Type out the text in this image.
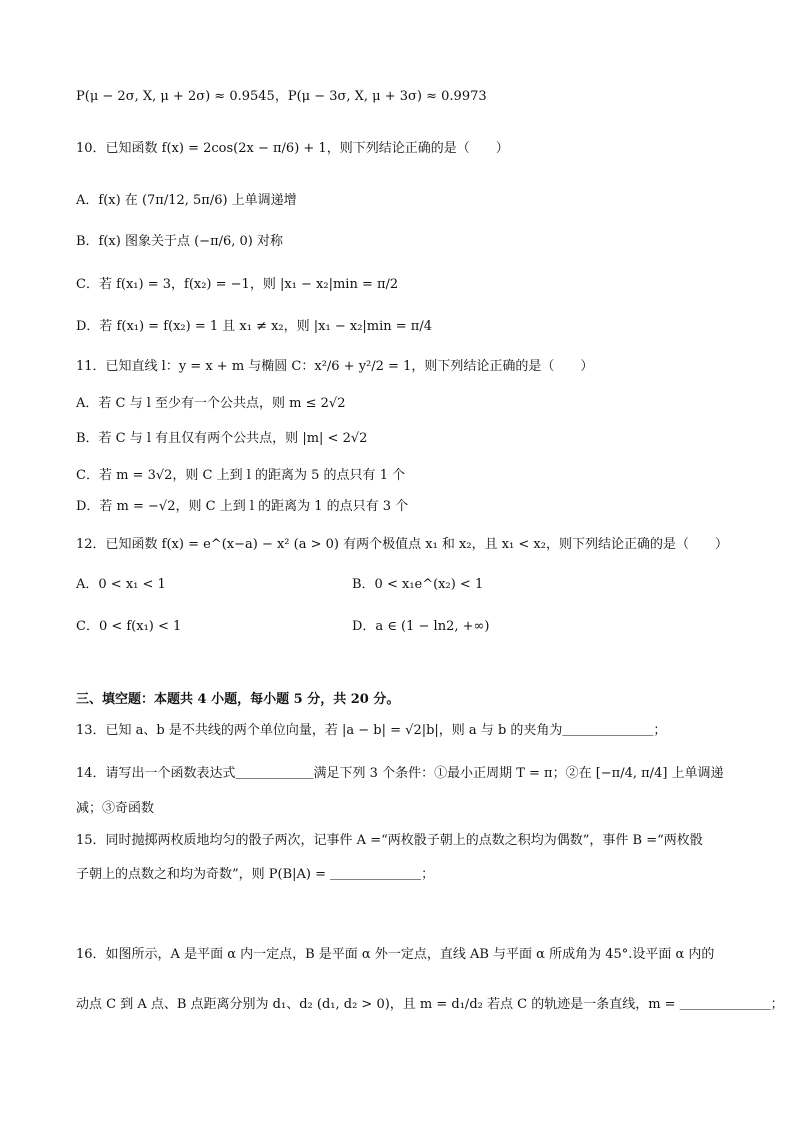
P(μ − 2σ, X, μ + 2σ) ≈ 0.9545，P(μ − 3σ, X, μ + 3σ) ≈ 0.9973
10．已知函数 f(x) = 2cos(2x − π/6) + 1，则下列结论正确的是（　　）
A．f(x) 在 (7π/12, 5π/6) 上单调递增
B．f(x) 图象关于点 (−π/6, 0) 对称
C．若 f(x₁) = 3，f(x₂) = −1，则 |x₁ − x₂|min = π/2
D．若 f(x₁) = f(x₂) = 1 且 x₁ ≠ x₂，则 |x₁ − x₂|min = π/4
11．已知直线 l：y = x + m 与椭圆 C：x²/6 + y²/2 = 1，则下列结论正确的是（　　）
A．若 C 与 l 至少有一个公共点，则 m ≤ 2√2
B．若 C 与 l 有且仅有两个公共点，则 |m| < 2√2
C．若 m = 3√2，则 C 上到 l 的距离为 5 的点只有 1 个
D．若 m = −√2，则 C 上到 l 的距离为 1 的点只有 3 个
12．已知函数 f(x) = e^(x−a) − x² (a > 0) 有两个极值点 x₁ 和 x₂，且 x₁ < x₂，则下列结论正确的是（　　）
A．0 < x₁ < 1	B．0 < x₁e^(x₂) < 1
C．0 < f(x₁) < 1	D．a ∈ (1 − ln2, +∞)
三、填空题：本题共 4 小题，每小题 5 分，共 20 分。
13．已知 a、b 是不共线的两个单位向量，若 |a − b| = √2|b|，则 a 与 b 的夹角为＿＿＿＿＿＿＿；
14．请写出一个函数表达式＿＿＿＿＿＿满足下列 3 个条件：①最小正周期 T = π；②在 [−π/4, π/4] 上单调递
减；③奇函数
15．同时抛掷两枚质地均匀的骰子两次，记事件 A =“两枚骰子朝上的点数之积均为偶数”，事件 B =“两枚骰
子朝上的点数之和均为奇数”，则 P(B|A) = ＿＿＿＿＿＿＿；
16．如图所示，A 是平面 α 内一定点，B 是平面 α 外一定点，直线 AB 与平面 α 所成角为 45°.设平面 α 内的
动点 C 到 A 点、B 点距离分别为 d₁、d₂ (d₁, d₂ > 0)，且 m = d₁/d₂ 若点 C 的轨迹是一条直线，m = ＿＿＿＿＿＿＿；
